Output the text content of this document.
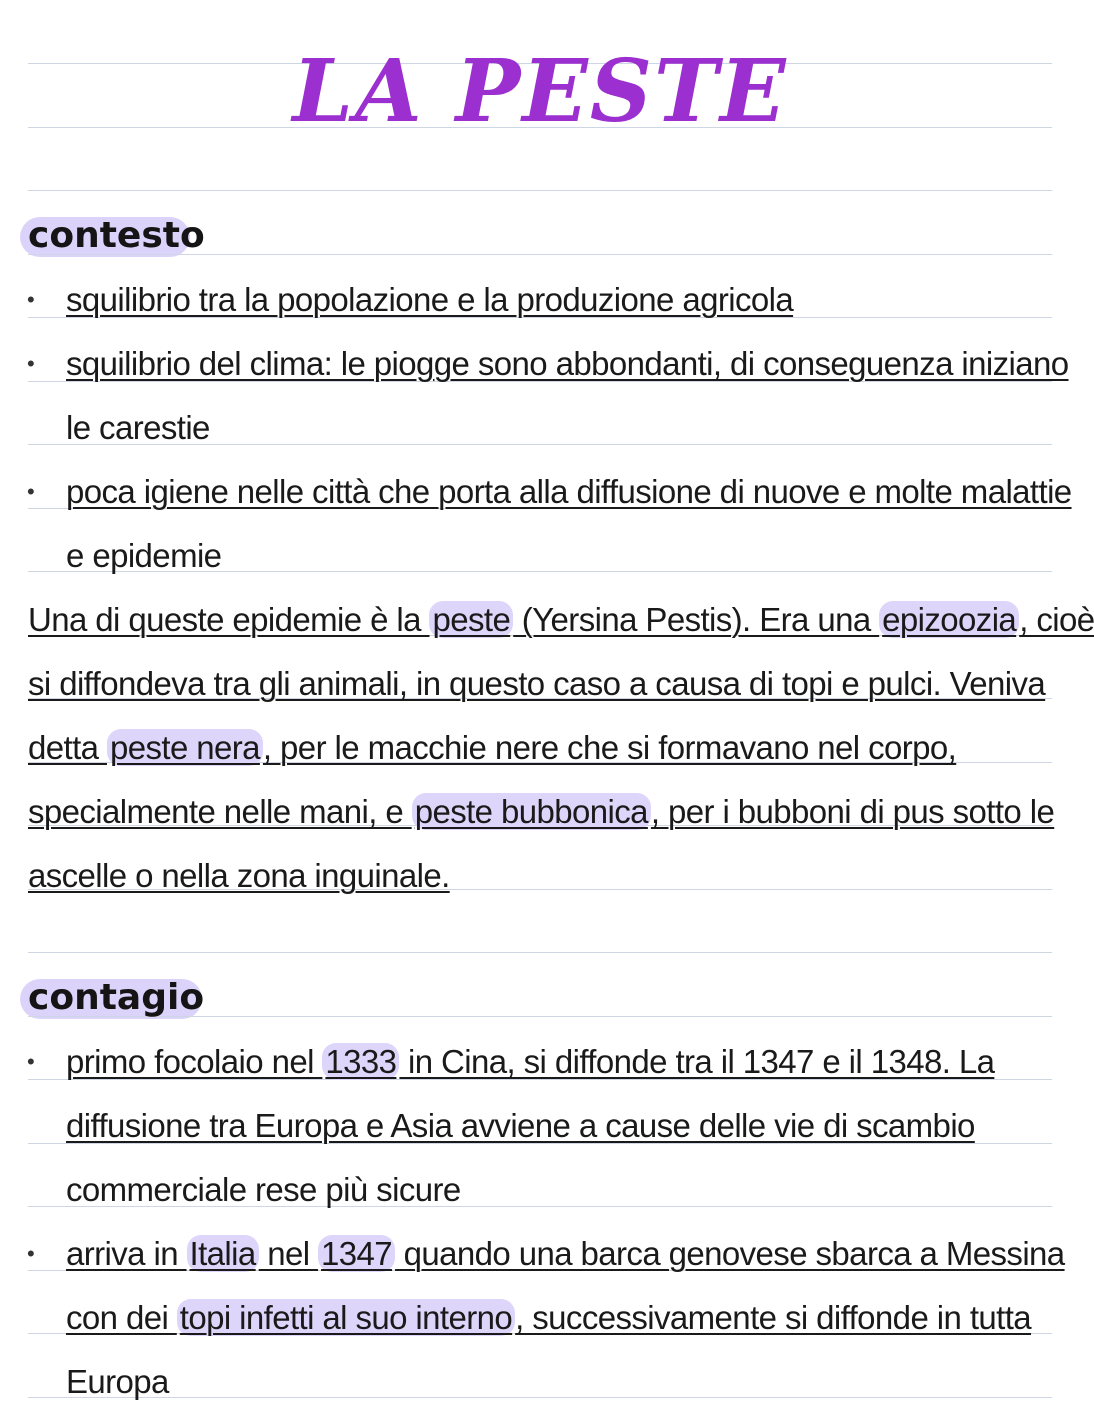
LA PESTE
contesto
• squilibrio tra la popolazione e la produzione agricola
• squilibrio del clima: le piogge sono abbondanti, di conseguenza iniziano
le carestie
• poca igiene nelle città che porta alla diffusione di nuove e molte malattie
e epidemie
Una di queste epidemie è la peste (Yersina Pestis). Era una epizoozia, cioè
si diffondeva tra gli animali, in questo caso a causa di topi e pulci. Veniva
detta peste nera, per le macchie nere che si formavano nel corpo,
specialmente nelle mani, e peste bubbonica, per i bubboni di pus sotto le
ascelle o nella zona inguinale.
contagio
• primo focolaio nel 1333 in Cina, si diffonde tra il 1347 e il 1348. La
diffusione tra Europa e Asia avviene a cause delle vie di scambio
commerciale rese più sicure
• arriva in Italia nel 1347 quando una barca genovese sbarca a Messina
con dei topi infetti al suo interno, successivamente si diffonde in tutta
Europa
